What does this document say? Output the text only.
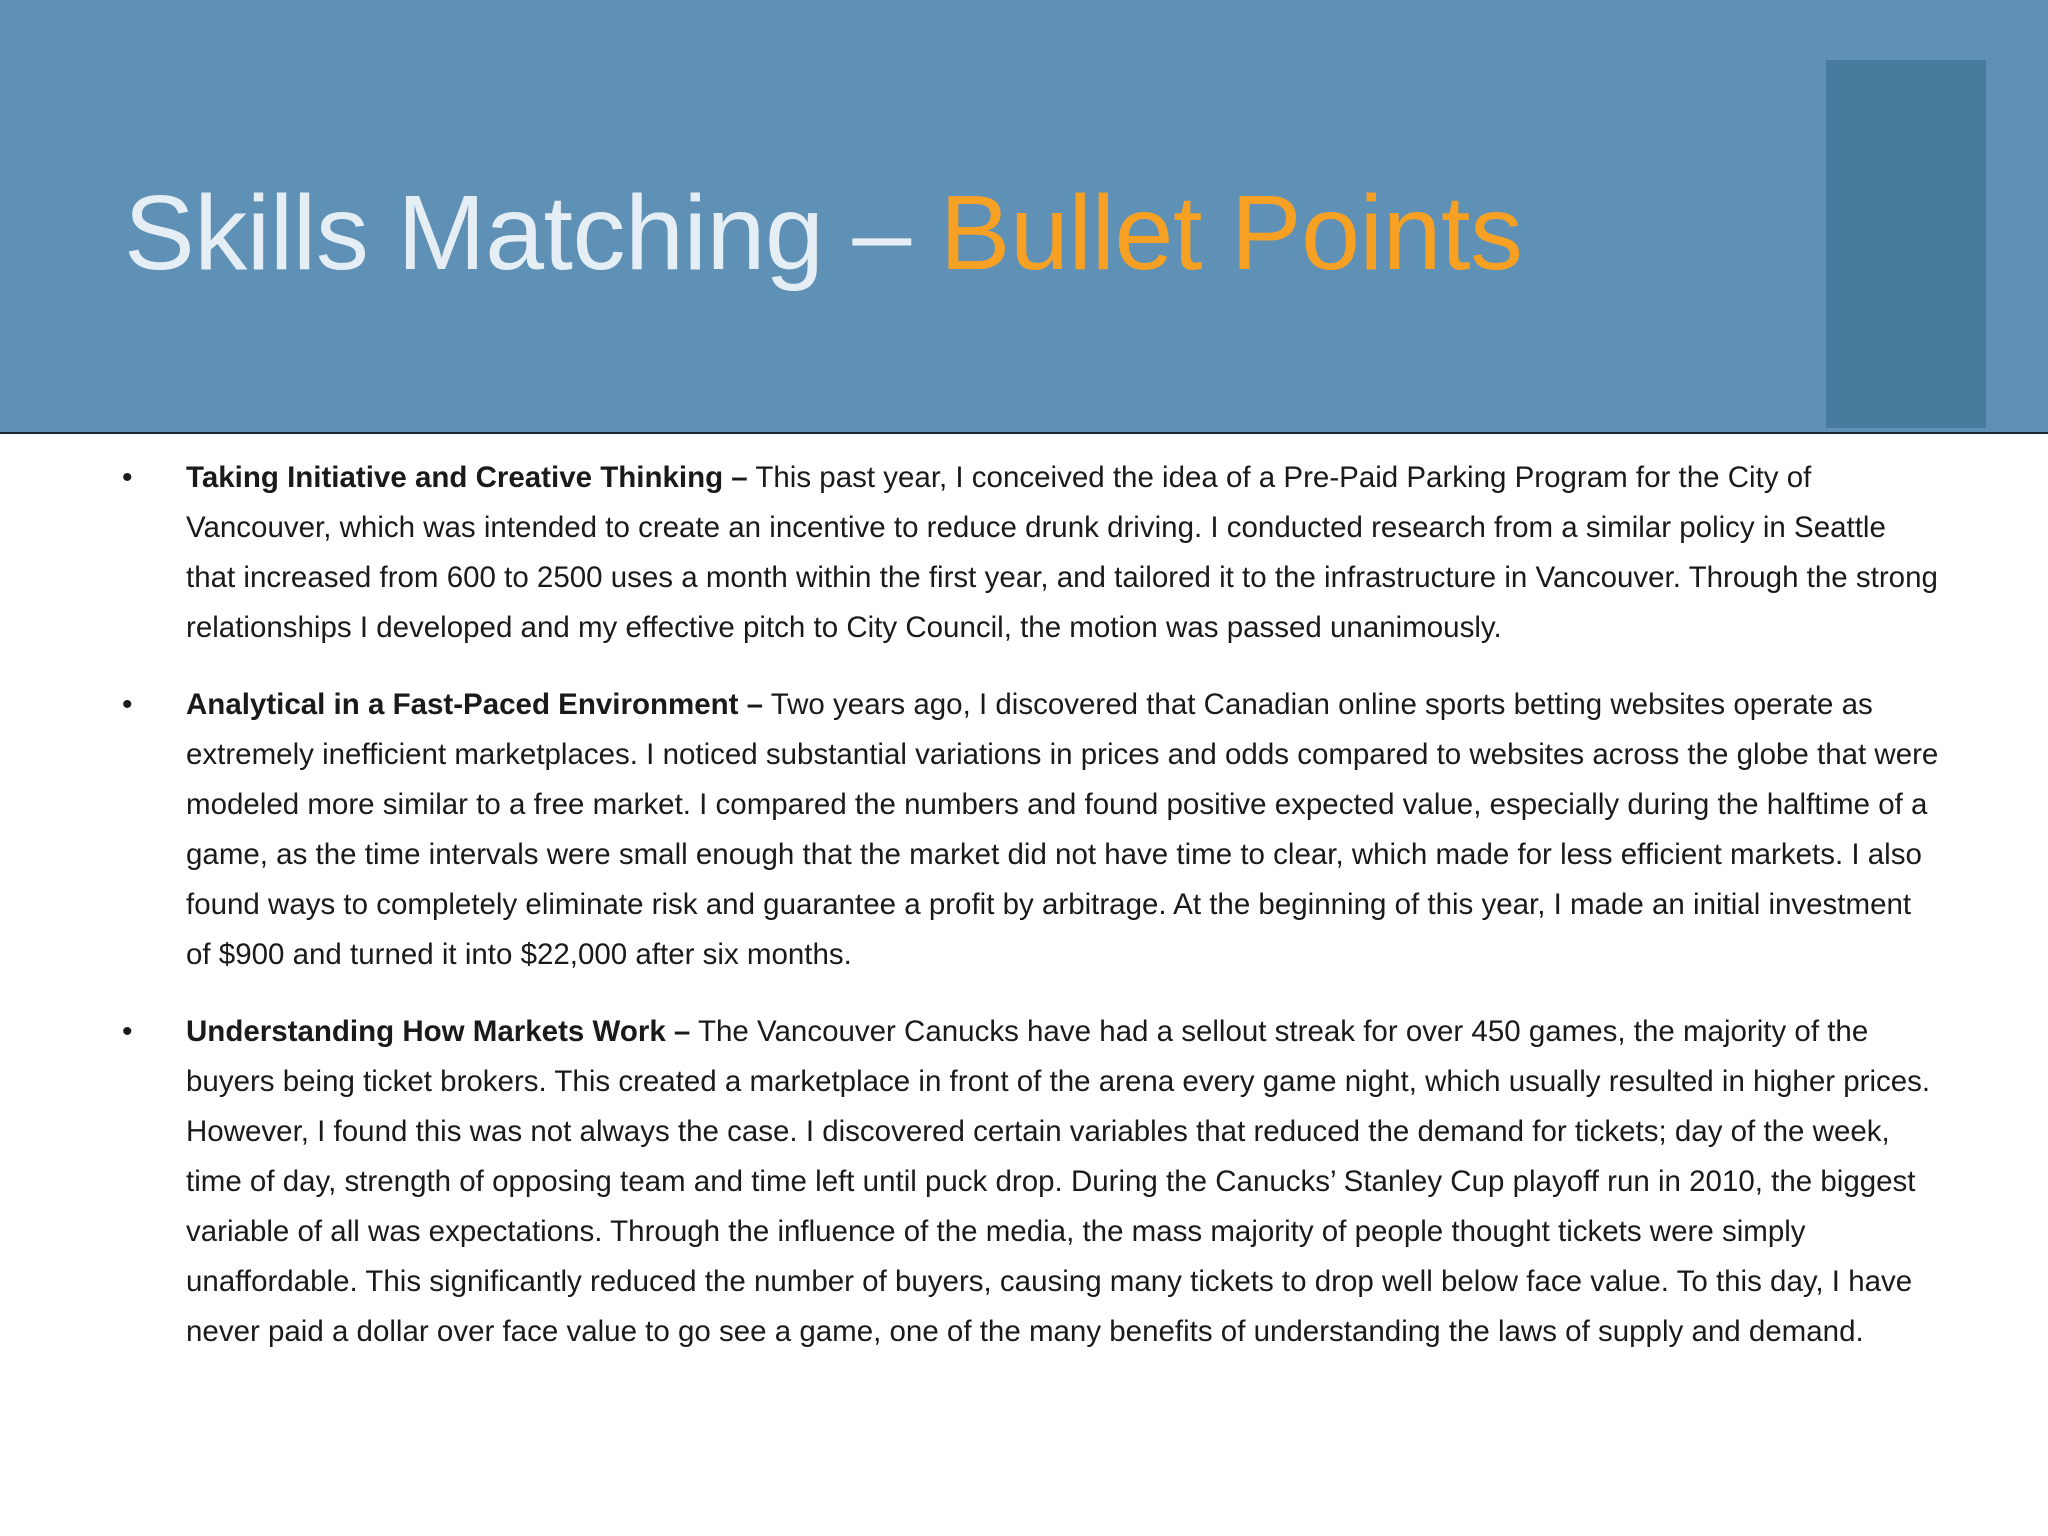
Skills Matching – Bullet Points
• Taking Initiative and Creative Thinking – This past year, I conceived the idea of a Pre-Paid Parking Program for the City of Vancouver, which was intended to create an incentive to reduce drunk driving. I conducted research from a similar policy in Seattle that increased from 600 to 2500 uses a month within the first year, and tailored it to the infrastructure in Vancouver. Through the strong relationships I developed and my effective pitch to City Council, the motion was passed unanimously.
• Analytical in a Fast-Paced Environment – Two years ago, I discovered that Canadian online sports betting websites operate as extremely inefficient marketplaces. I noticed substantial variations in prices and odds compared to websites across the globe that were modeled more similar to a free market. I compared the numbers and found positive expected value, especially during the halftime of a game, as the time intervals were small enough that the market did not have time to clear, which made for less efficient markets. I also found ways to completely eliminate risk and guarantee a profit by arbitrage. At the beginning of this year, I made an initial investment of $900 and turned it into $22,000 after six months.
• Understanding How Markets Work – The Vancouver Canucks have had a sellout streak for over 450 games, the majority of the buyers being ticket brokers. This created a marketplace in front of the arena every game night, which usually resulted in higher prices. However, I found this was not always the case. I discovered certain variables that reduced the demand for tickets; day of the week, time of day, strength of opposing team and time left until puck drop. During the Canucks’ Stanley Cup playoff run in 2010, the biggest variable of all was expectations. Through the influence of the media, the mass majority of people thought tickets were simply unaffordable. This significantly reduced the number of buyers, causing many tickets to drop well below face value. To this day, I have never paid a dollar over face value to go see a game, one of the many benefits of understanding the laws of supply and demand.
